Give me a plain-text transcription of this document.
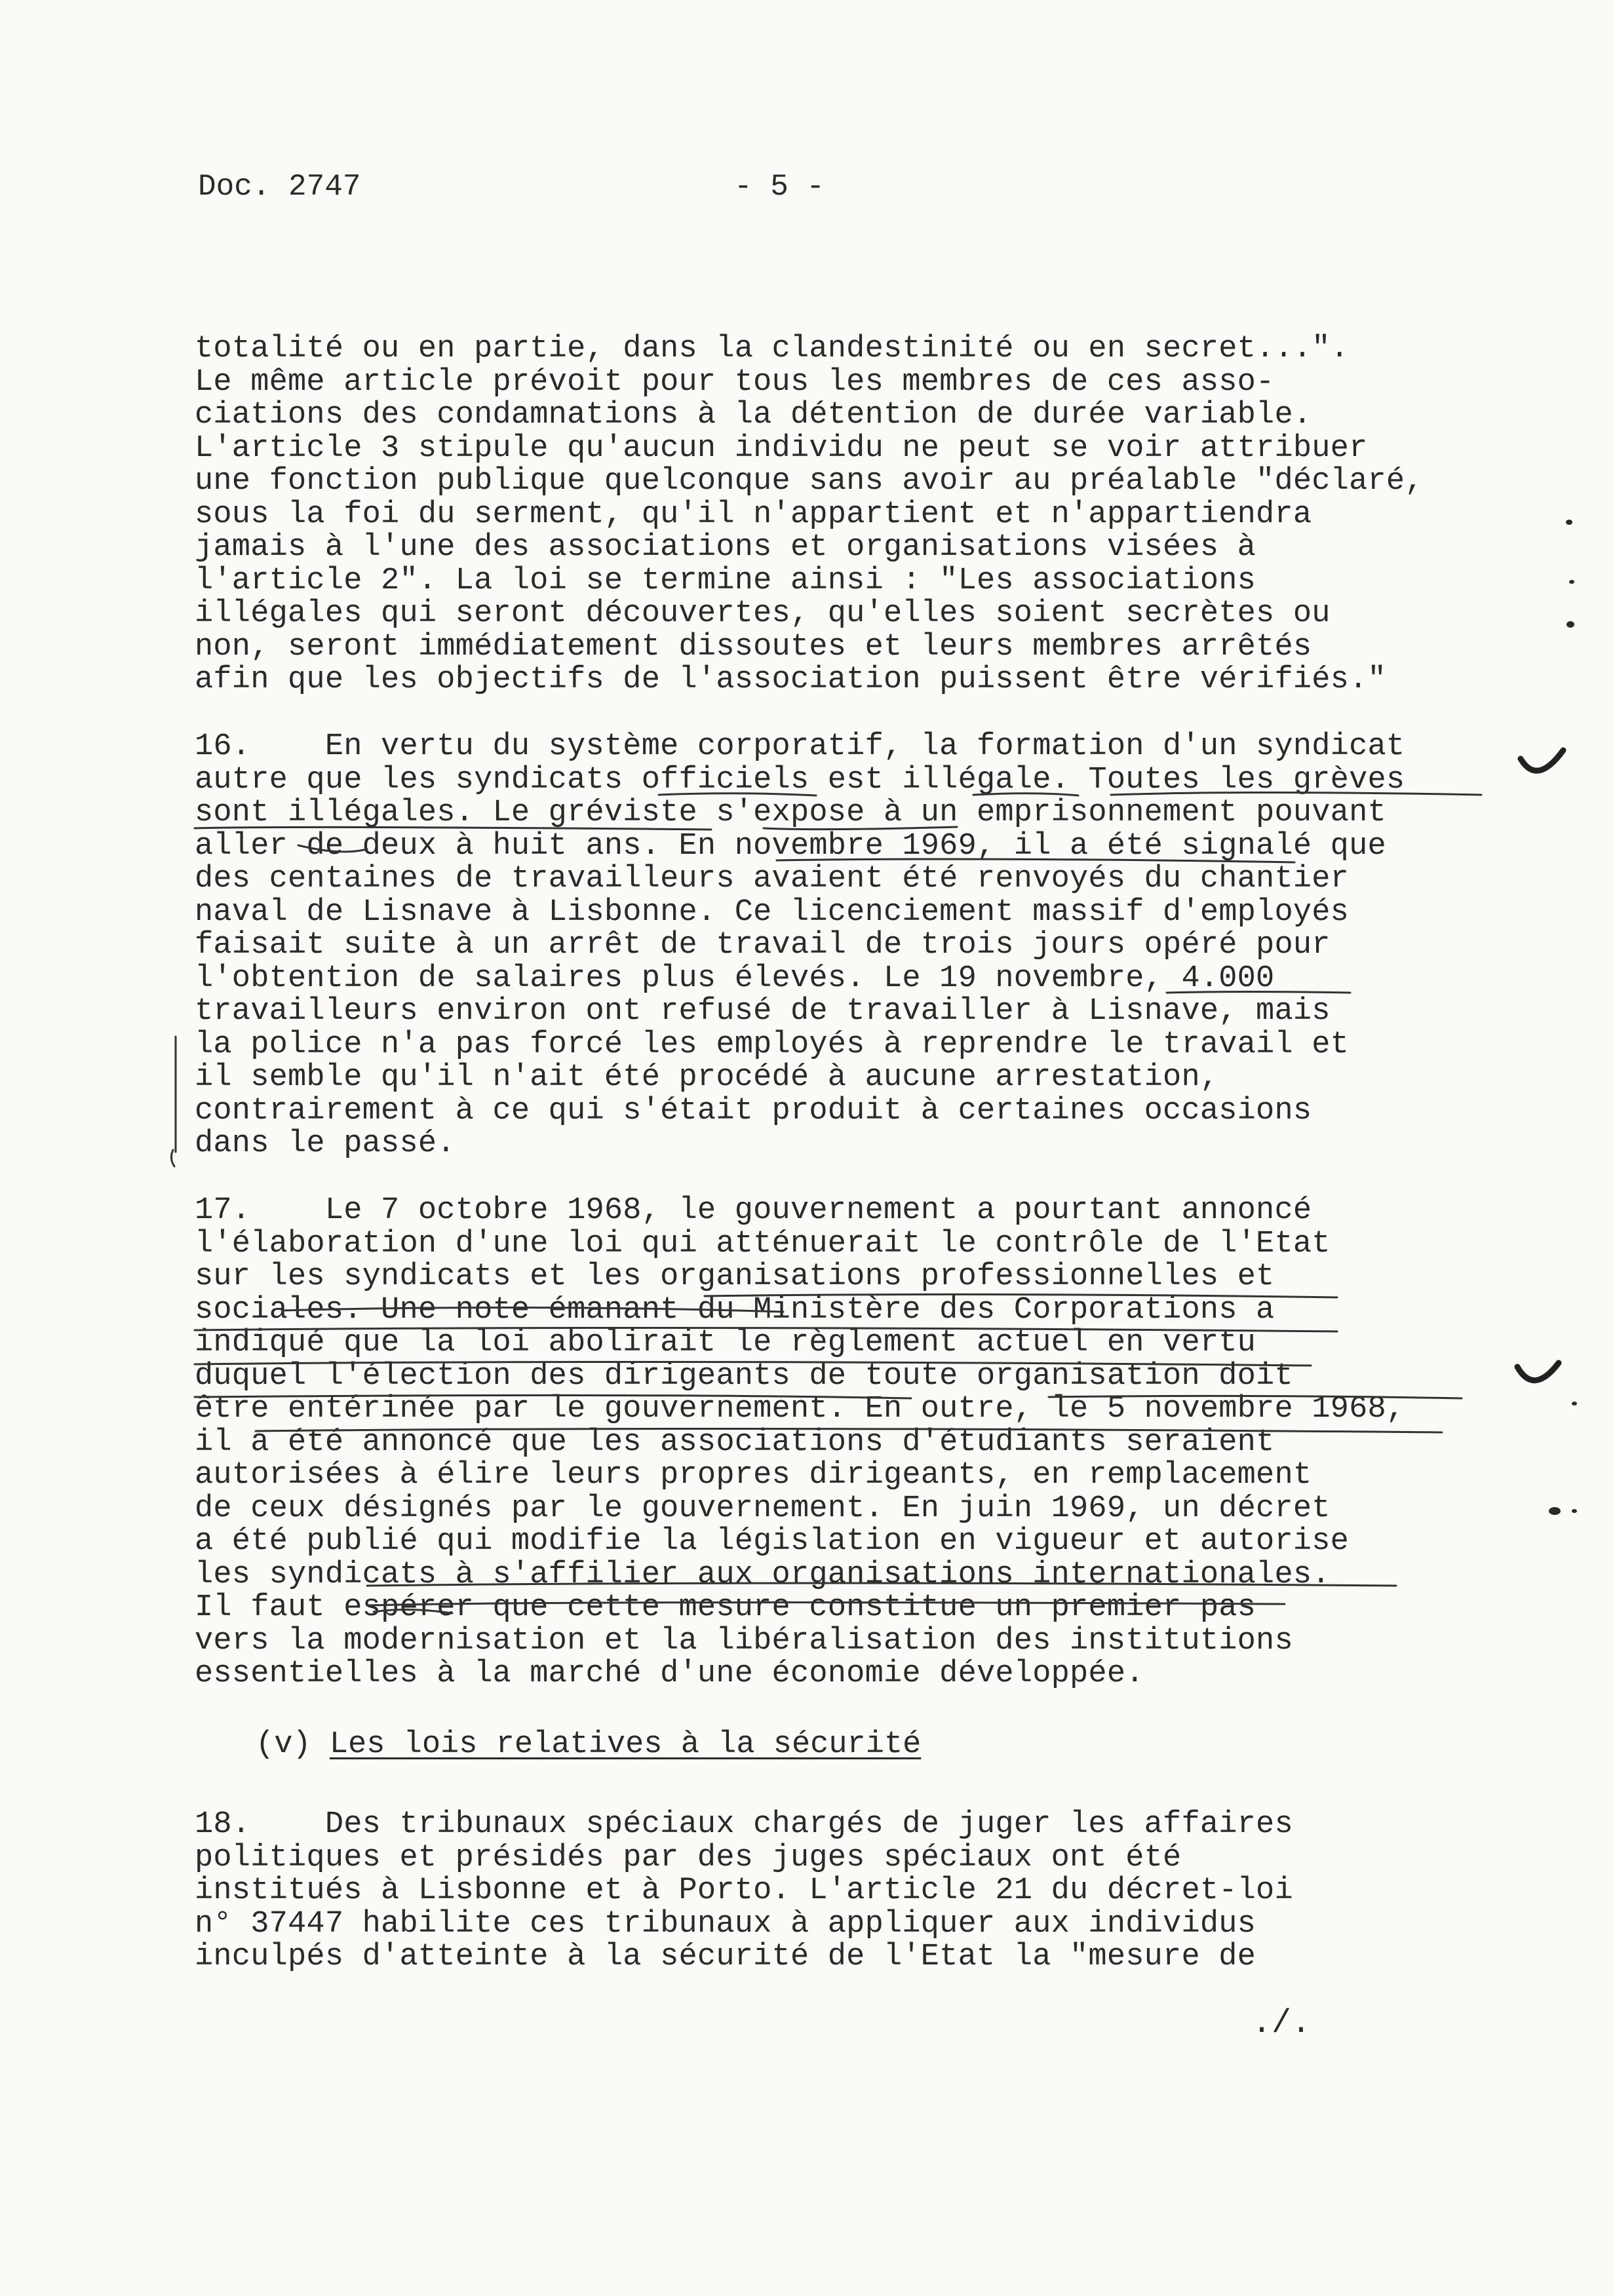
Doc. 2747	- 5 -
totalité ou en partie, dans la clandestinité ou en secret...".
Le même article prévoit pour tous les membres de ces asso-
ciations des condamnations à la détention de durée variable.
L'article 3 stipule qu'aucun individu ne peut se voir attribuer
une fonction publique quelconque sans avoir au préalable "déclaré,
sous la foi du serment, qu'il n'appartient et n'appartiendra
jamais à l'une des associations et organisations visées à
l'article 2". La loi se termine ainsi : "Les associations
illégales qui seront découvertes, qu'elles soient secrètes ou
non, seront immédiatement dissoutes et leurs membres arrêtés
afin que les objectifs de l'association puissent être vérifiés."
16.    En vertu du système corporatif, la formation d'un syndicat
autre que les syndicats officiels est illégale. Toutes les grèves
sont illégales. Le gréviste s'expose à un emprisonnement pouvant
aller de deux à huit ans. En novembre 1969, il a été signalé que
des centaines de travailleurs avaient été renvoyés du chantier
naval de Lisnave à Lisbonne. Ce licenciement massif d'employés
faisait suite à un arrêt de travail de trois jours opéré pour
l'obtention de salaires plus élevés. Le 19 novembre, 4.000
travailleurs environ ont refusé de travailler à Lisnave, mais
la police n'a pas forcé les employés à reprendre le travail et
il semble qu'il n'ait été procédé à aucune arrestation,
contrairement à ce qui s'était produit à certaines occasions
dans le passé.
17.    Le 7 octobre 1968, le gouvernement a pourtant annoncé
l'élaboration d'une loi qui atténuerait le contrôle de l'Etat
sur les syndicats et les organisations professionnelles et
sociales. Une note émanant du Ministère des Corporations a
indiqué que la loi abolirait le règlement actuel en vertu
duquel l'élection des dirigeants de toute organisation doit
être entérinée par le gouvernement. En outre, le 5 novembre 1968,
il a été annoncé que les associations d'étudiants seraient
autorisées à élire leurs propres dirigeants, en remplacement
de ceux désignés par le gouvernement. En juin 1969, un décret
a été publié qui modifie la législation en vigueur et autorise
les syndicats à s'affilier aux organisations internationales.
Il faut espérer que cette mesure constitue un premier pas
vers la modernisation et la libéralisation des institutions
essentielles à la marché d'une économie développée.
(v) Les lois relatives à la sécurité
18.    Des tribunaux spéciaux chargés de juger les affaires
politiques et présidés par des juges spéciaux ont été
institués à Lisbonne et à Porto. L'article 21 du décret-loi
n° 37447 habilite ces tribunaux à appliquer aux individus
inculpés d'atteinte à la sécurité de l'Etat la "mesure de
./.
